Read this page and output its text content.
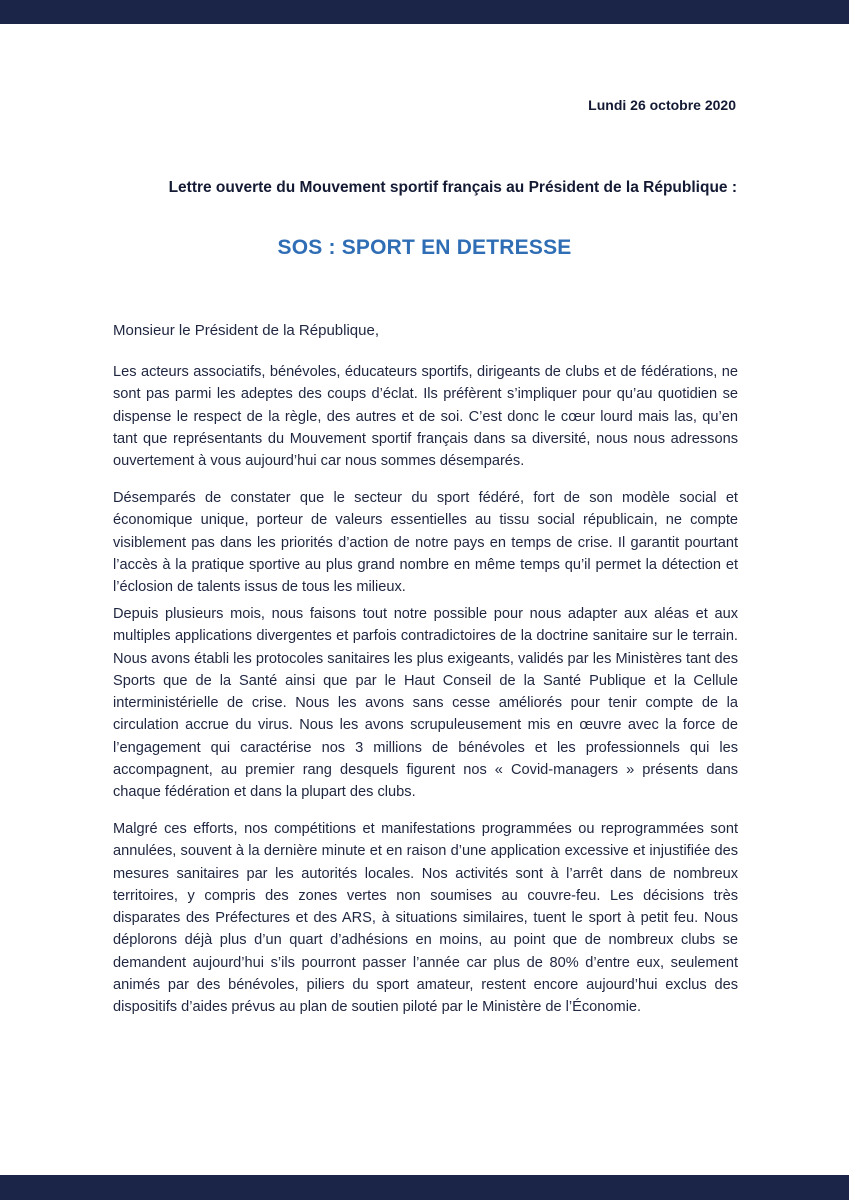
Lundi 26 octobre 2020
Lettre ouverte du Mouvement sportif français au Président de la République :
SOS : SPORT EN DETRESSE
Monsieur le Président de la République,

Les acteurs associatifs, bénévoles, éducateurs sportifs, dirigeants de clubs et de fédérations, ne sont pas parmi les adeptes des coups d’éclat. Ils préfèrent s’impliquer pour qu’au quotidien se dispense le respect de la règle, des autres et de soi. C’est donc le cœur lourd mais las, qu’en tant que représentants du Mouvement sportif français dans sa diversité, nous nous adressons ouvertement à vous aujourd’hui car nous sommes désemparés.

Désemparés de constater que le secteur du sport fédéré, fort de son modèle social et économique unique, porteur de valeurs essentielles au tissu social républicain, ne compte visiblement pas dans les priorités d’action de notre pays en temps de crise. Il garantit pourtant l’accès à la pratique sportive au plus grand nombre en même temps qu’il permet la détection et l’éclosion de talents issus de tous les milieux.

Depuis plusieurs mois, nous faisons tout notre possible pour nous adapter aux aléas et aux multiples applications divergentes et parfois contradictoires de la doctrine sanitaire sur le terrain. Nous avons établi les protocoles sanitaires les plus exigeants, validés par les Ministères tant des Sports que de la Santé ainsi que par le Haut Conseil de la Santé Publique et la Cellule interministérielle de crise. Nous les avons sans cesse améliorés pour tenir compte de la circulation accrue du virus. Nous les avons scrupuleusement mis en œuvre avec la force de l’engagement qui caractérise nos 3 millions de bénévoles et les professionnels qui les accompagnent, au premier rang desquels figurent nos « Covid-managers » présents dans chaque fédération et dans la plupart des clubs.

Malgré ces efforts, nos compétitions et manifestations programmées ou reprogrammées sont annulées, souvent à la dernière minute et en raison d’une application excessive et injustifiée des mesures sanitaires par les autorités locales. Nos activités sont à l’arrêt dans de nombreux territoires, y compris des zones vertes non soumises au couvre-feu. Les décisions très disparates des Préfectures et des ARS, à situations similaires, tuent le sport à petit feu. Nous déplorons déjà plus d’un quart d’adhésions en moins, au point que de nombreux clubs se demandent aujourd’hui s’ils pourront passer l’année car plus de 80% d’entre eux, seulement animés par des bénévoles, piliers du sport amateur, restent encore aujourd’hui exclus des dispositifs d’aides prévus au plan de soutien piloté par le Ministère de l’Économie.
